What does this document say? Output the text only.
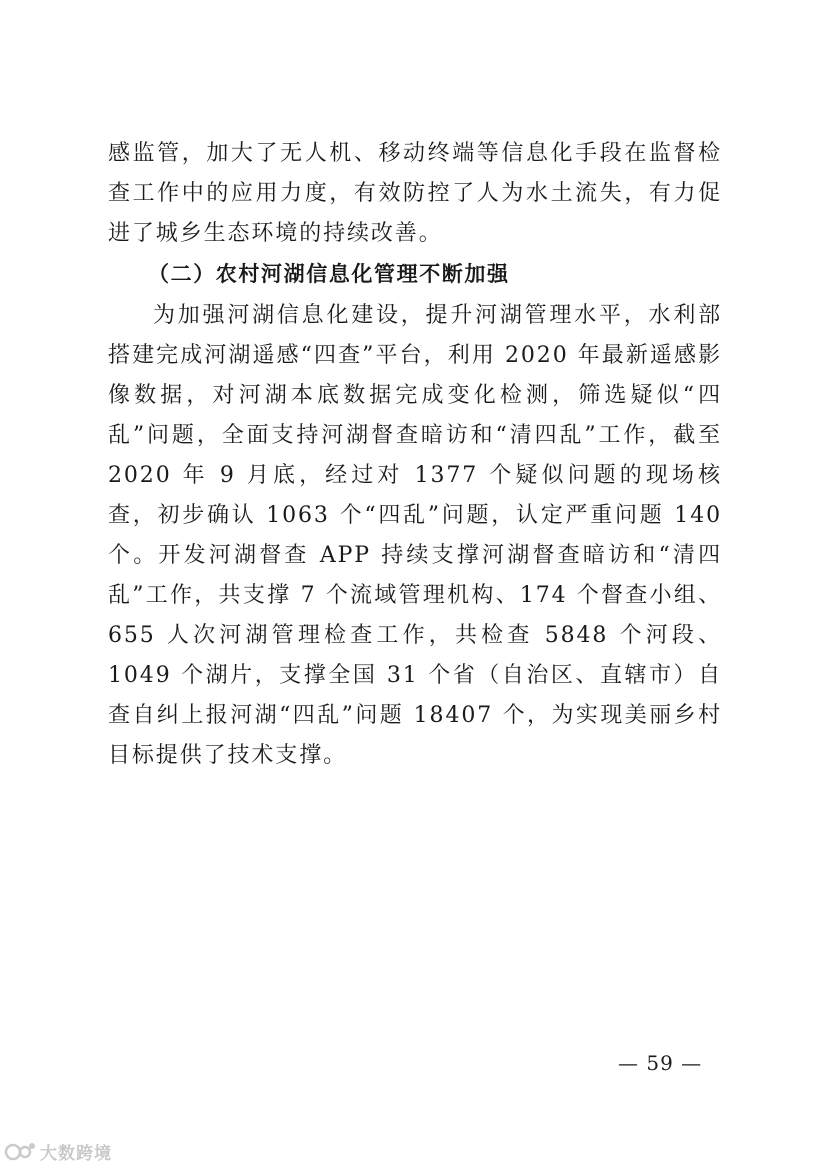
感监管，加大了无人机、移动终端等信息化手段在监督检查工作中的应用力度，有效防控了人为水土流失，有力促进了城乡生态环境的持续改善。

（二）农村河湖信息化管理不断加强

为加强河湖信息化建设，提升河湖管理水平，水利部搭建完成河湖遥感“四查”平台，利用 2020 年最新遥感影像数据，对河湖本底数据完成变化检测，筛选疑似“四乱”问题，全面支持河湖督查暗访和“清四乱”工作，截至 2020 年 9 月底，经过对 1377 个疑似问题的现场核查，初步确认 1063 个“四乱”问题，认定严重问题 140 个。开发河湖督查 APP 持续支撑河湖督查暗访和“清四乱”工作，共支撑 7 个流域管理机构、174 个督查小组、655 人次河湖管理检查工作，共检查 5848 个河段、1049 个湖片，支撑全国 31 个省（自治区、直辖市）自查自纠上报河湖“四乱”问题 18407 个，为实现美丽乡村目标提供了技术支撑。

— 59 —
大数跨境
